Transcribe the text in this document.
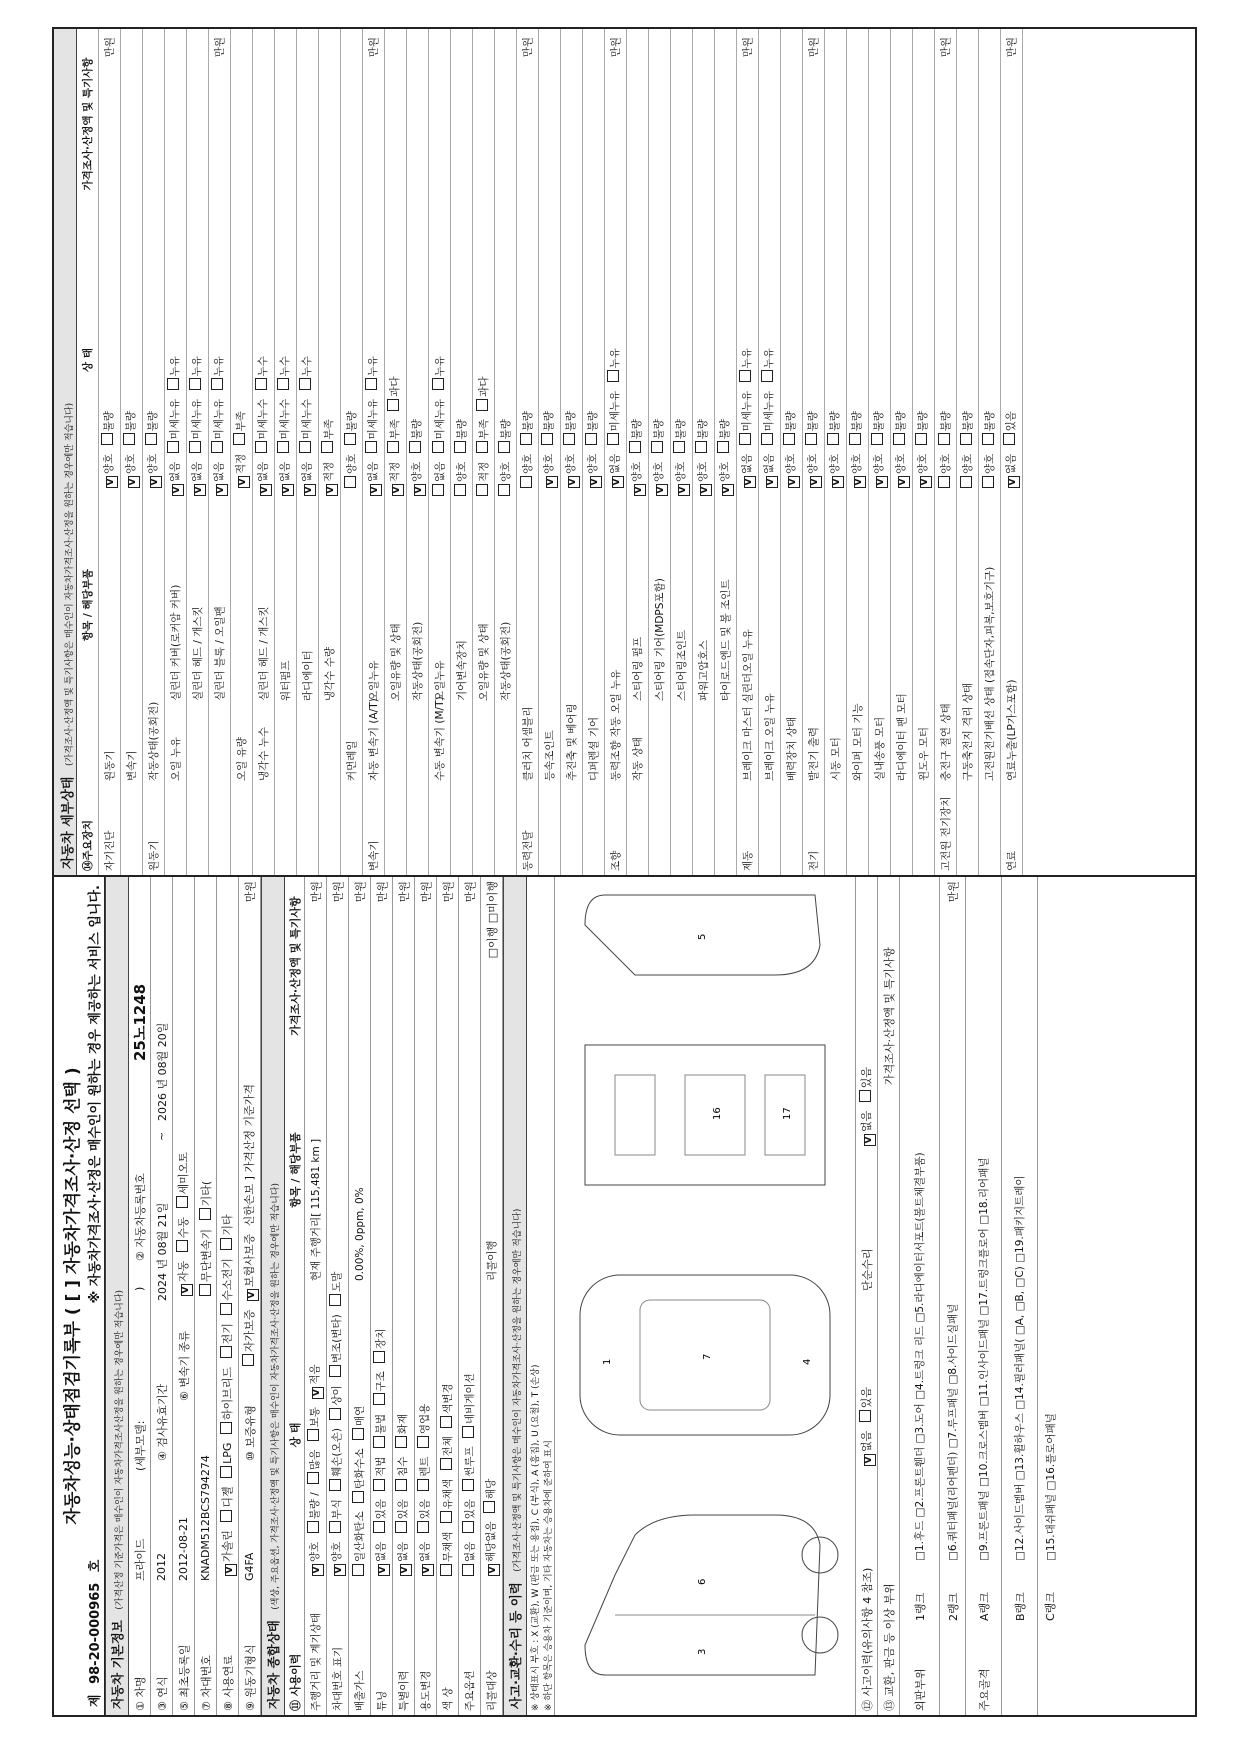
자동차성능·상태점검기록부 ( [ ] 자동차가격조사·산정 선택 )
제 98-20-000965 호
※ 자동차가격조사·산정은 매수인이 원하는 경우 제공하는 서비스 입니다.
자동차 기본정보 (가격산정 기준가격은 매수인이 자동차가격조사산정을 원하는 경우에만 적습니다)
① 차명
프라이드
(세부모델:
)
② 자동차등록번호
25노1248
③ 연식
2012
④ 검사유효기간
2024 년 08월 21일
~
2026 년 08월 20일
⑤ 최초등록일
2012-08-21
⑥ 변속기 종류
V자동 수동 세미오토
⑦ 차대번호
KNADM512BCS794274
무단변속기 기타(
⑧ 사용연료
V가솔린 디젤 LPG 하이브리드 전기 수소전기 기타
⑨ 원동기형식
G4FA
⑩ 보증유형
자가보증 V보험사보증 신한손보 ] 가격산정 기준가격
만원
자동차 종합상태 (색상, 주요옵션, 가격조사·산정액 및 특기사항은 매수인이 자동차가격조사·산정을 원하는 경우에만 적습니다)
⑪ 사용이력
상 태
항목 / 해당부품
가격조사·산정액 및 특기사항
주행거리 및 계기상태
V양호 불량 / 많음 보통 V적음
현재 주행거리[ 115,481 km ]
만원
차대번호 표기
V양호 부식 훼손(오손) 상이 변조(변타) 도말
만원
배출가스
일산화탄소 탄화수소 매연
0.00%, 0ppm, 0%
만원
튜닝
V없음 있음 적법 불법 구조 장치
만원
특별이력
V없음 있음 침수 화재
만원
용도변경
V없음 있음 렌트 영업용
만원
색 상
무채색 유채색 전체 색변경
만원
주요옵션
없음 있음 썬루프 네비게이션
만원
리콜대상
V해당없음 해당
리콜이행
□이행 □미이행
사고·교환·수리 등 이력 (가격조사·산정액 및 특기사항은 매수인이 자동차가격조사·산정을 원하는 경우에만 적습니다) ※ 상태표시 부호 : X (교환), W (판금 또는 용접), C (부식), A (흠집), U (요철), T (손상) ※ 하단 항목은 승용차 기준이며, 기타 자동차는 승용차에 준하여 표시	3
6
1
7
4
16	17
5
⑫ 사고이력(유의사항 4 참조)
V없음 있음
단순수리
V없음 있음
⑬ 교환, 판금 등 이상 부위
가격조사·산정액 및 특기사항
외판부위
1랭크
□1.후드 □2.프론트휀더 □3.도어 □4.트렁크 리드 □5.라디에이터서포트(볼트체결부품)
2랭크
□6.쿼터패널(리어펜더) □7.루프패널 □8.사이드실패널
만원
주요골격
A랭크
□9.프론트패널 □10.크로스멤버 □11.인사이드패널 □17.트렁크플로어 □18.리어패널
B랭크
□12.사이드멤버 □13.휠하우스 □14.필러패널( □A, □B, □C) □19.패키지트레이
C랭크
□15.대쉬패널 □16.플로어패널
자동차 세부상태 (가격조사·산정액 및 특기사항은 매수인이 자동차가격조사·산정을 원하는 경우에만 적습니다)
⑭주요장치
항목 / 해당부품
상 태
가격조사·산정액 및 특기사항
자기진단
원동기
V양호 불량
만원
변속기
V양호 불량
원동기
작동상태(공회전)
V양호 불량
오일 누유
실린더 커버(로커암 커버)
V없음 미세누유 누유
실린더 헤드 / 개스킷
V없음 미세누유 누유
실린더 블록 / 오일팬
V없음 미세누유 누유
만원
오일 유량
V적정 부족
냉각수 누수
실린더 헤드 / 개스킷
V없음 미세누수 누수
워터펌프
V없음 미세누수 누수
라디에이터
V없음 미세누수 누수
냉각수 수량
V적정 부족
커먼레일
양호 불량
변속기
자동 변속기 (A/T)
오일누유
V없음 미세누유 누유
만원
오일유량 및 상태
V적정 부족 과다
작동상태(공회전)
V양호 불량
수동 변속기 (M/T)
오일누유
없음 미세누유 누유
기어변속장치
양호 불량
오일유량 및 상태
적정 부족 과다
작동상태(공회전)
양호 불량
동력전달
클러치 어셈블리
양호 불량
만원
등속조인트
V양호 불량
추진축 및 베어링
V양호 불량
디퍼렌셜 기어
V양호 불량
조향
동력조향 작동 오일 누유
V없음 미세누유 누유
만원
작동 상태
스티어링 펌프
V양호 불량
스티어링 기어(MDPS포함)
V양호 불량
스티어링조인트
V양호 불량
파워고압호스
V양호 불량
타이로드엔드 및 볼 조인트
V양호 불량
제동
브레이크 마스터 실린더오일 누유
V없음 미세누유 누유
만원
브레이크 오일 누유
V없음 미세누유 누유
배력장치 상태
V양호 불량
전기
발전기 출력
V양호 불량
만원
시동 모터
V양호 불량
와이퍼 모터 기능
V양호 불량
실내송풍 모터
V양호 불량
라디에이터 팬 모터
V양호 불량
윈도우 모터
V양호 불량
고전원 전기장치
충전구 절연 상태
양호 불량
만원
구동축전지 격리 상태
양호 불량
고전원전기배선 상태 (접속단자,피복,보호기구)
양호 불량
연료
연료누출(LP가스포함)
V없음 있음
만원
